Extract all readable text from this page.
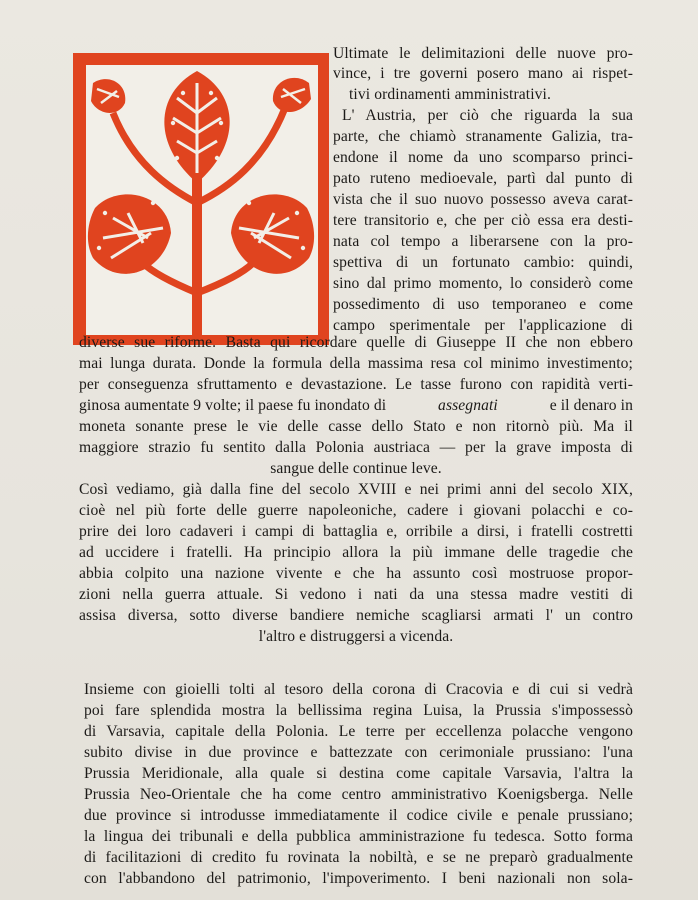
Ultimate le delimitazioni delle nuove pro-
vince, i tre governi posero mano ai rispet-
tivi ordinamenti amministrativi.
L' Austria, per ciò che riguarda la sua
parte, che chiamò stranamente Galizia, tra-
endone il nome da uno scomparso princi-
pato ruteno medioevale, partì dal punto di
vista che il suo nuovo possesso aveva carat-
tere transitorio e, che per ciò essa era desti-
nata col tempo a liberarsene con la pro-
spettiva di un fortunato cambio: quindi,
sino dal primo momento, lo considerò come
possedimento di uso temporaneo e come
campo sperimentale per l'applicazione di
diverse sue riforme. Basta qui ricordare quelle di Giuseppe II che non ebbero
mai lunga durata. Donde la formula della massima resa col minimo investimento;
per conseguenza sfruttamento e devastazione. Le tasse furono con rapidità verti-
ginosa aumentate 9 volte; il paese fu inondato di	assegnati	e il denaro in
moneta sonante prese le vie delle casse dello Stato e non ritornò più. Ma il
maggiore strazio fu sentito dalla Polonia austriaca — per la grave imposta di
sangue delle continue leve.
Così vediamo, già dalla fine del secolo XVIII e nei primi anni del secolo XIX,
cioè nel più forte delle guerre napoleoniche, cadere i giovani polacchi e co-
prire dei loro cadaveri i campi di battaglia e, orribile a dirsi, i fratelli costretti
ad uccidere i fratelli. Ha principio allora la più immane delle tragedie che
abbia colpito una nazione vivente e che ha assunto così mostruose propor-
zioni nella guerra attuale. Si vedono i nati da una stessa madre vestiti di
assisa diversa, sotto diverse bandiere nemiche scagliarsi armati l' un contro
l'altro e distruggersi a vicenda.
Insieme con gioielli tolti al tesoro della corona di Cracovia e di cui si vedrà
poi fare splendida mostra la bellissima regina Luisa, la Prussia s'impossessò
di Varsavia, capitale della Polonia. Le terre per eccellenza polacche vengono
subito divise in due province e battezzate con cerimoniale prussiano: l'una
Prussia Meridionale, alla quale si destina come capitale Varsavia, l'altra la
Prussia Neo-Orientale che ha come centro amministrativo Koenigsberga. Nelle
due province si introdusse immediatamente il codice civile e penale prussiano;
la lingua dei tribunali e della pubblica amministrazione fu tedesca. Sotto forma
di facilitazioni di credito fu rovinata la nobiltà, e se ne preparò gradualmente
con l'abbandono del patrimonio, l'impoverimento. I beni nazionali non sola-
